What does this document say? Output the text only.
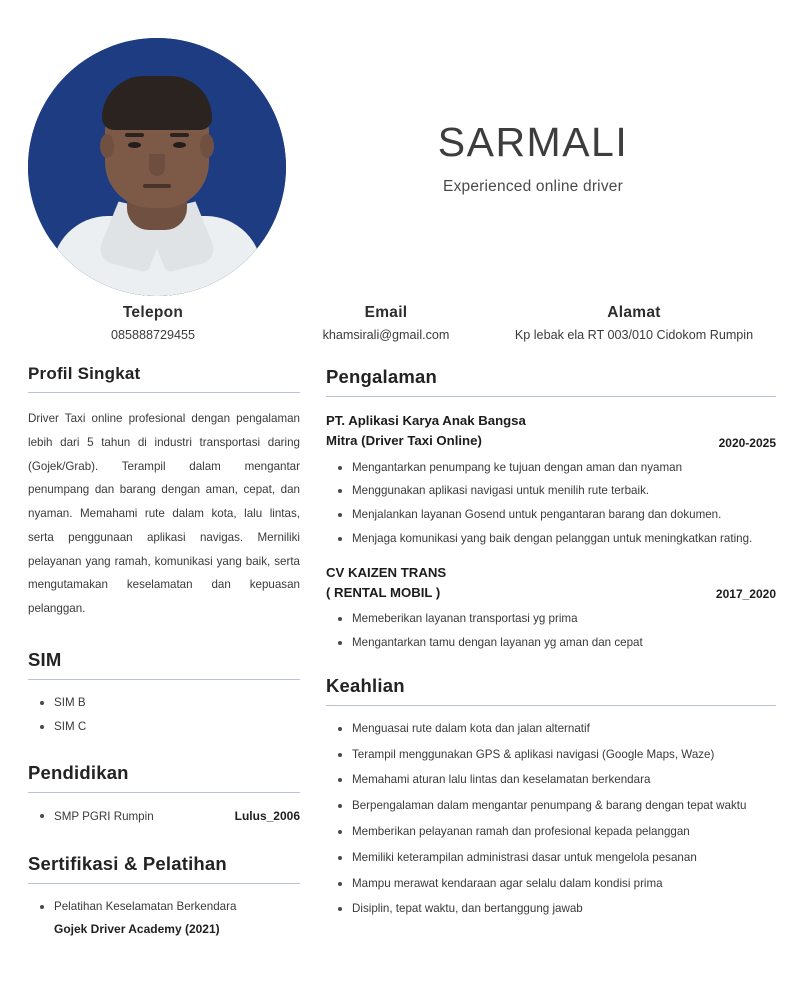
SARMALI
Experienced online driver
Telepon
085888729455
Email
khamsirali@gmail.com
Alamat
Kp lebak ela RT 003/010 Cidokom Rumpin
Profil Singkat
Driver Taxi online profesional dengan pengalaman lebih dari 5 tahun di industri transportasi daring (Gojek/Grab). Terampil dalam mengantar penumpang dan barang dengan aman, cepat, dan nyaman. Memahami rute dalam kota, lalu lintas, serta penggunaan aplikasi navigas. Merniliki pelayanan yang ramah, komunikasi yang baik, serta mengutamakan keselamatan dan kepuasan pelanggan.
SIM
SIM B
SIM C
Pendidikan
SMP PGRI Rumpin	Lulus_2006
Sertifikasi & Pelatihan
Pelatihan Keselamatan Berkendara
Gojek Driver Academy (2021)
Pengalaman
PT. Aplikasi Karya Anak Bangsa
Mitra (Driver Taxi Online)	2020-2025
Mengantarkan penumpang ke tujuan dengan aman dan nyaman
Menggunakan aplikasi navigasi untuk menilih rute terbaik.
Menjalankan layanan Gosend untuk pengantaran barang dan dokumen.
Menjaga komunikasi yang baik dengan pelanggan untuk meningkatkan rating.
CV KAIZEN TRANS
( RENTAL MOBIL )	2017_2020
Memeberikan layanan transportasi yg prima
Mengantarkan tamu dengan layanan yg aman dan cepat
Keahlian
Menguasai rute dalam kota dan jalan alternatif
Terampil menggunakan GPS & aplikasi navigasi (Google Maps, Waze)
Memahami aturan lalu lintas dan keselamatan berkendara
Berpengalaman dalam mengantar penumpang & barang dengan tepat waktu
Memberikan pelayanan ramah dan profesional kepada pelanggan
Memiliki keterampilan administrasi dasar untuk mengelola pesanan
Mampu merawat kendaraan agar selalu dalam kondisi prima
Disiplin, tepat waktu, dan bertanggung jawab
